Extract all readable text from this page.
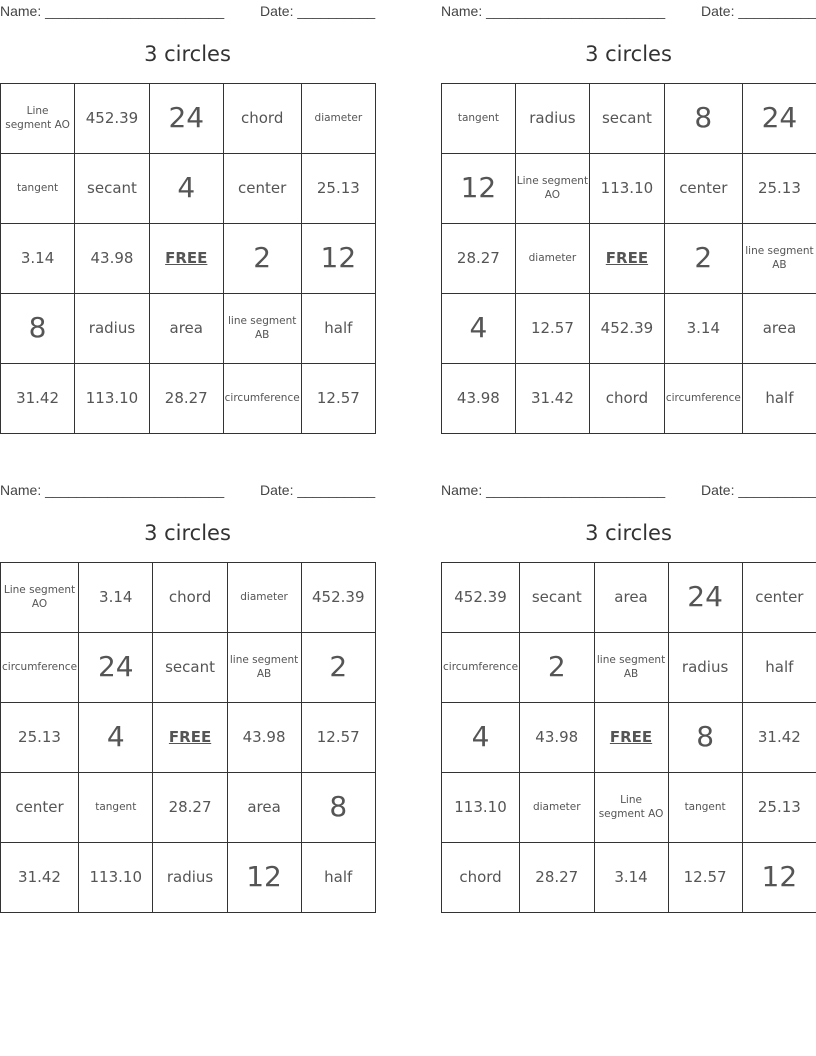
Name: _______________________	Date: __________
3 circles
Line segment AO	452.39	24	chord	diameter
tangent	secant	4	center	25.13
3.14	43.98	FREE	2	12
8	radius	area	line segment AB	half
31.42	113.10	28.27	circumference	12.57
Name: _______________________	Date: __________
3 circles
tangent	radius	secant	8	24
12	Line segment AO	113.10	center	25.13
28.27	diameter	FREE	2	line segment AB
4	12.57	452.39	3.14	area
43.98	31.42	chord	circumference	half
Name: _______________________	Date: __________
3 circles
Line segment AO	3.14	chord	diameter	452.39
circumference	24	secant	line segment AB	2
25.13	4	FREE	43.98	12.57
center	tangent	28.27	area	8
31.42	113.10	radius	12	half
Name: _______________________	Date: __________
3 circles
452.39	secant	area	24	center
circumference	2	line segment AB	radius	half
4	43.98	FREE	8	31.42
113.10	diameter	Line segment AO	tangent	25.13
chord	28.27	3.14	12.57	12
